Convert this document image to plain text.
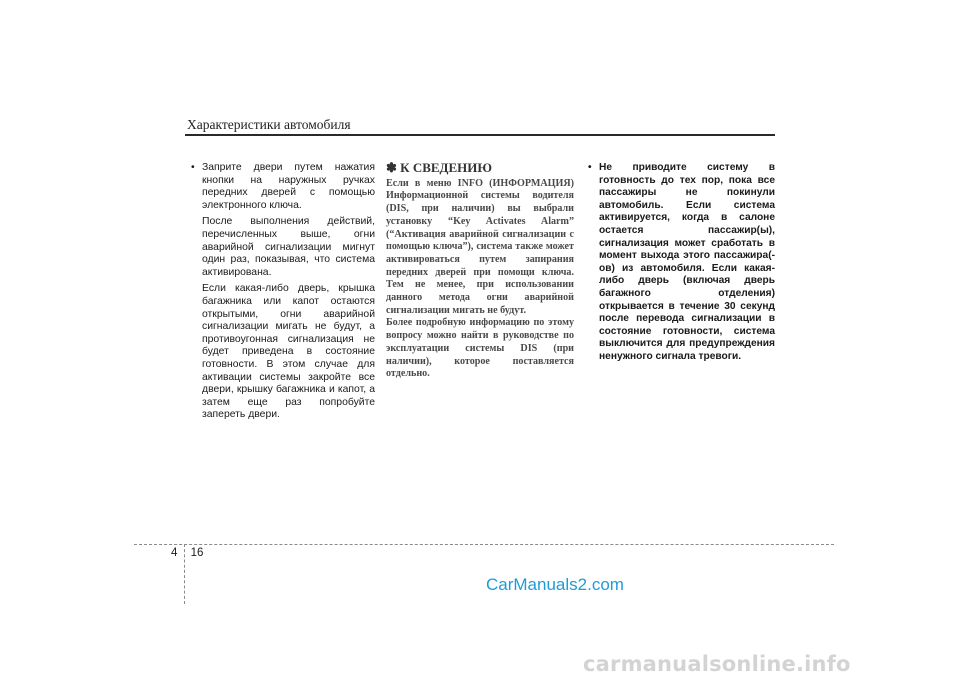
Характеристики автомобиля

• Заприте двери путем нажатия кнопки на наружных ручках передних дверей с помощью электронного ключа.

После выполнения действий, перечисленных выше, огни аварийной сигнализации мигнут один раз, показывая, что система активирована.

Если какая-либо дверь, крышка багажника или капот остаются открытыми, огни аварийной сигнализации мигать не будут, а противоугонная сигнализация не будет приведена в состояние готовности. В этом случае для активации системы закройте все двери, крышку багажника и капот, а затем еще раз попробуйте запереть двери.

✽ К СВЕДЕНИЮ
Если в меню INFO (ИНФОРМАЦИЯ) Информационной системы водителя (DIS, при наличии) вы выбрали установку “Key Activates Alarm” (“Активация аварийной сигнализации с помощью ключа”), система также может активироваться путем запирания передних дверей при помощи ключа. Тем не менее, при использовании данного метода огни аварийной сигнализации мигать не будут.
Более подробную информацию по этому вопросу можно найти в руководстве по эксплуатации системы DIS (при наличии), которое поставляется отдельно.

• Не приводите систему в готовность до тех пор, пока все пассажиры не покинули автомобиль. Если система активируется, когда в салоне остается пассажир(ы), сигнализация может сработать в момент выхода этого пассажира(-ов) из автомобиля. Если какая-либо дверь (включая дверь багажного отделения) открывается в течение 30 секунд после перевода сигнализации в состояние готовности, система выключится для предупреждения ненужного сигнала тревоги.

4 16
CarManuals2.com
carmanualsonline.info
